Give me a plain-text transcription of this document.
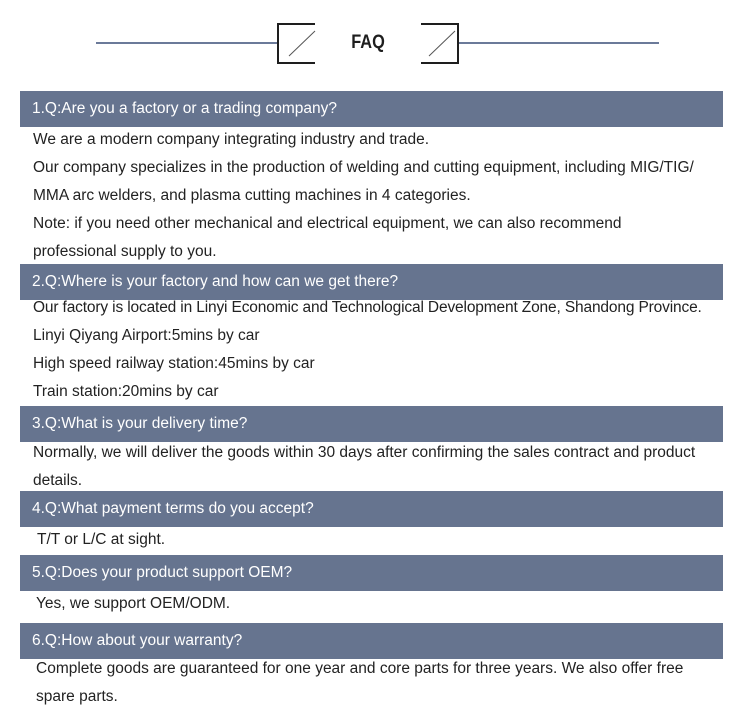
FAQ
1.Q:Are you a factory or a trading company?
We are a modern company integrating industry and trade.
Our company specializes in the production of welding and cutting equipment, including MIG/TIG/
MMA arc welders, and plasma cutting machines in 4 categories.
Note: if you need other mechanical and electrical equipment, we can also recommend
professional supply to you.
2.Q:Where is your factory and how can we get there?
Our factory is located in Linyi Economic and Technological Development Zone, Shandong Province.
Linyi Qiyang Airport:5mins by car
High speed railway station:45mins by car
Train station:20mins by car
3.Q:What is your delivery time?
Normally, we will deliver the goods within 30 days after confirming the sales contract and product
details.
4.Q:What payment terms do you accept?
T/T or L/C at sight.
5.Q:Does your product support OEM?
Yes, we support OEM/ODM.
6.Q:How about your warranty?
Complete goods are guaranteed for one year and core parts for three years. We also offer free
spare parts.
